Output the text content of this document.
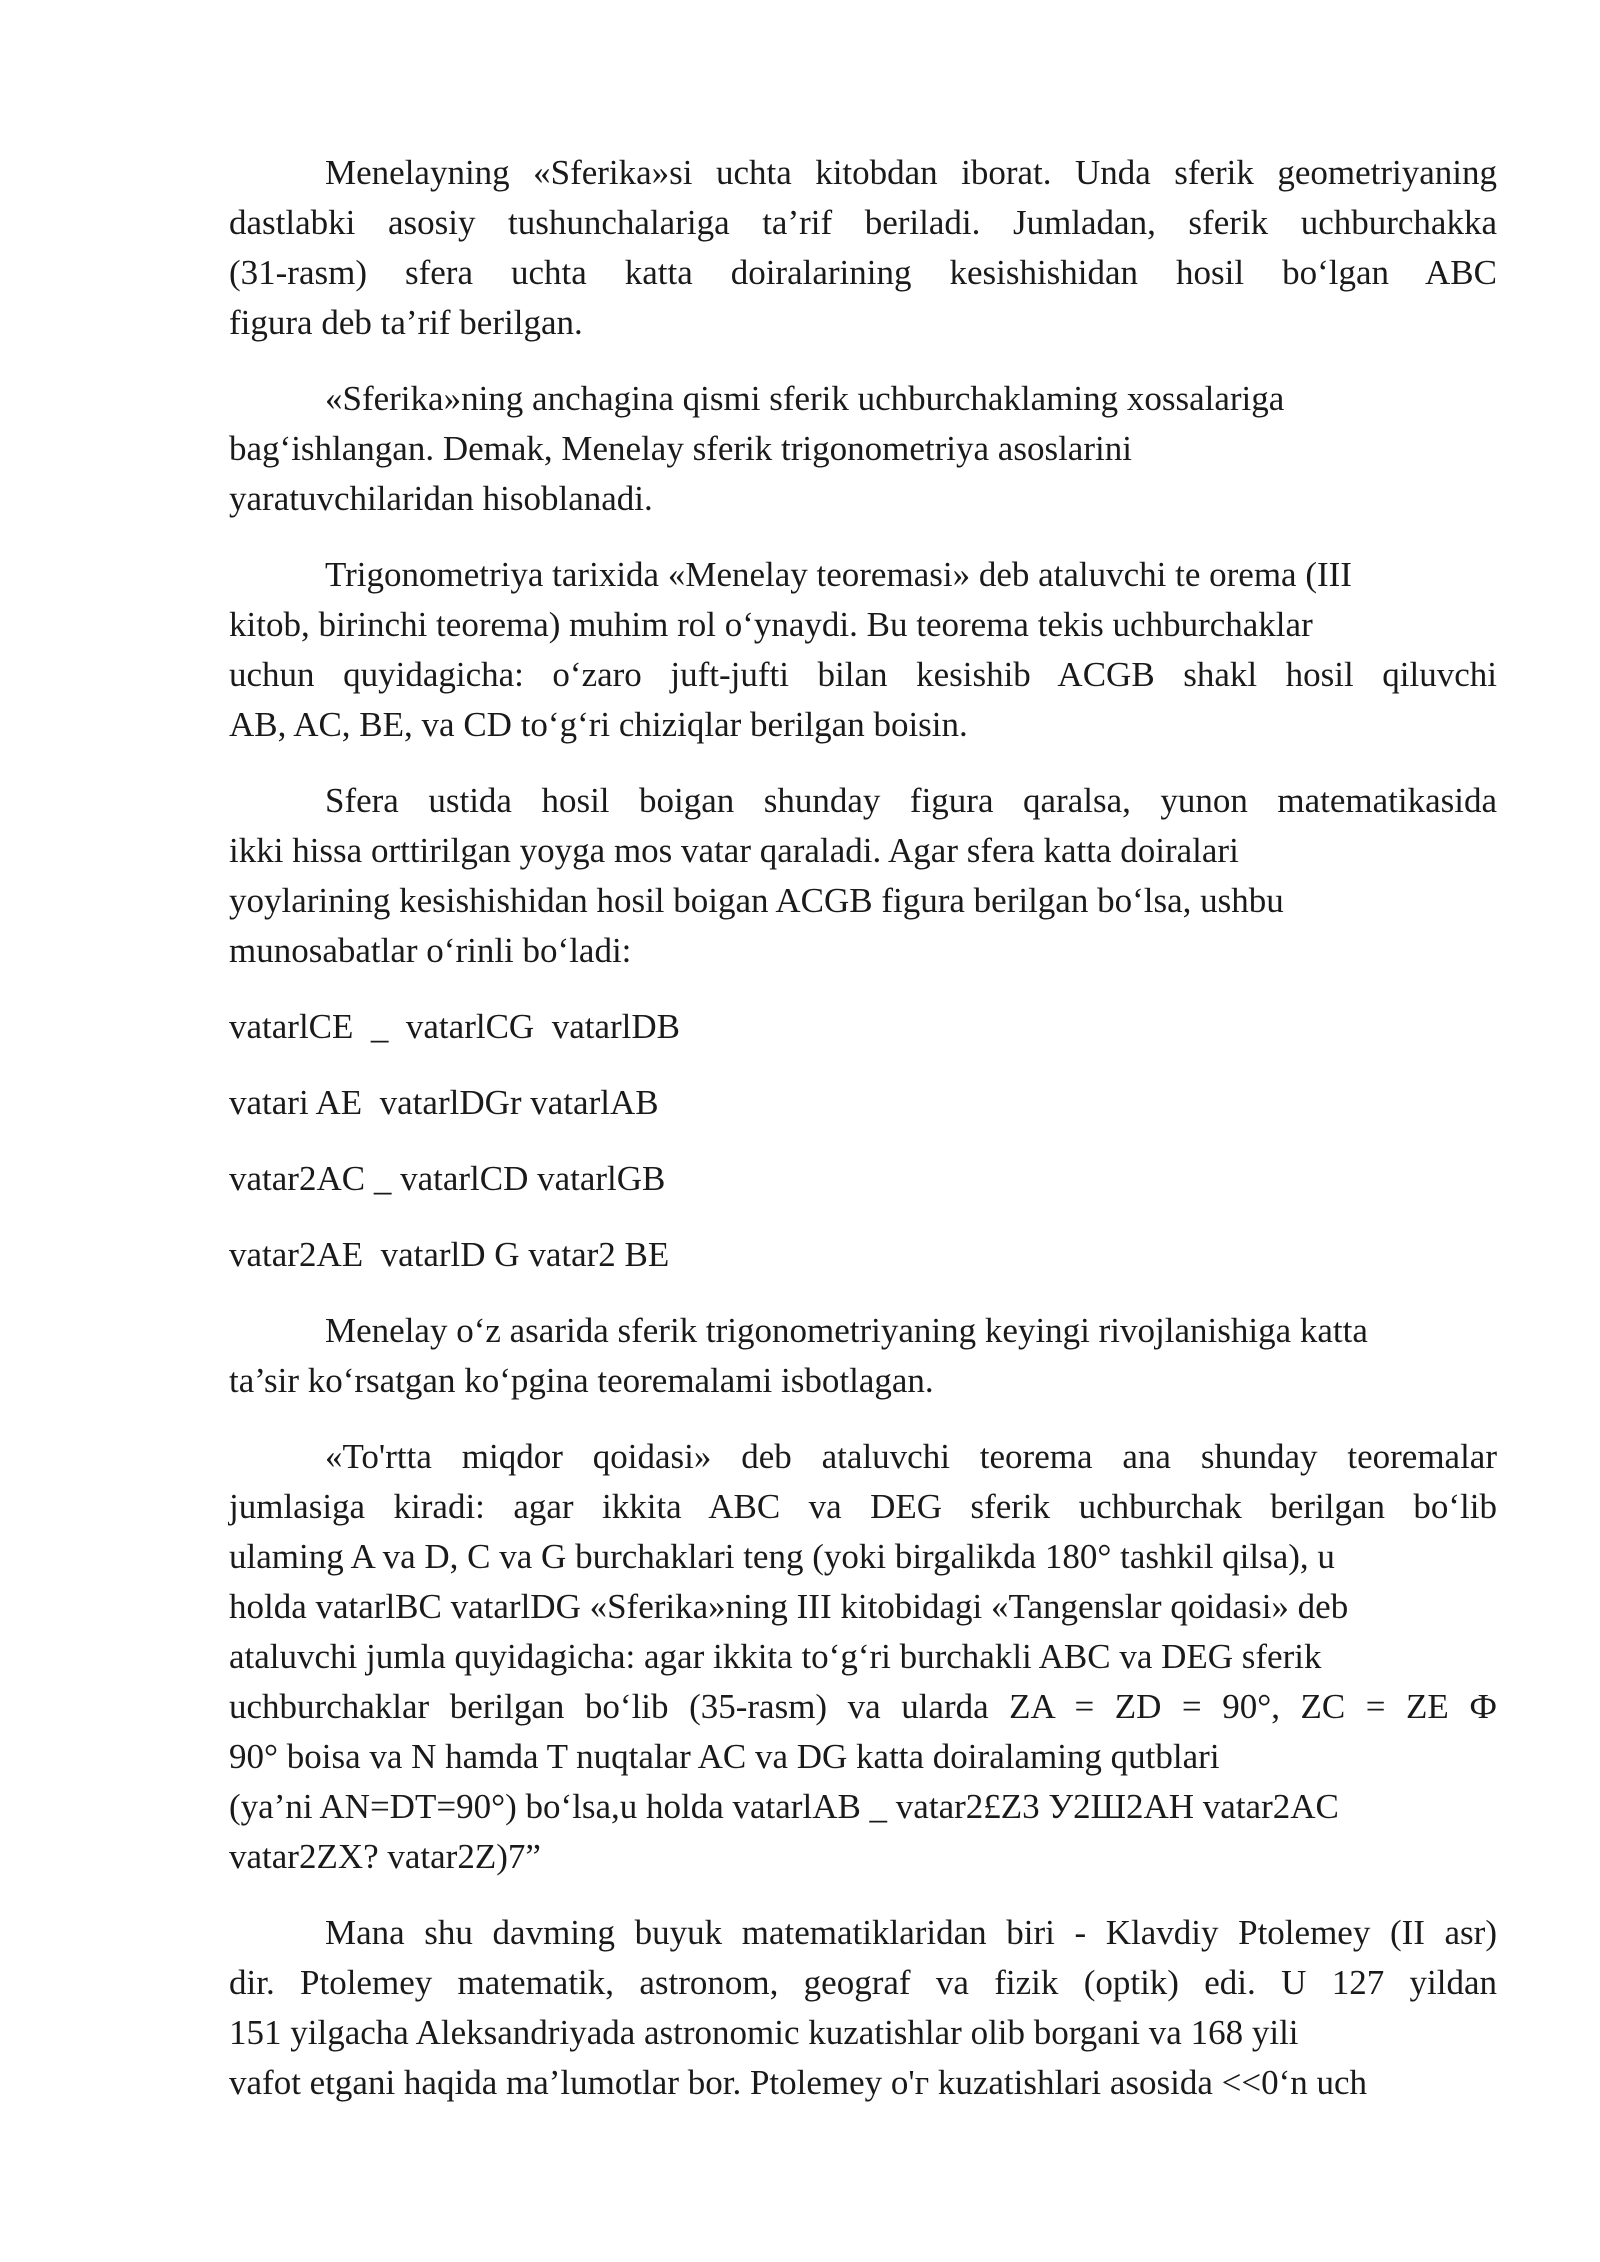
Menelayning «Sferika»si uchta kitobdan iborat. Unda sferik geometriyaning
dastlabki asosiy tushunchalariga ta’rif beriladi. Jumladan, sferik uchburchakka
(31-rasm) sfera uchta katta doiralarining kesishishidan hosil bo‘lgan ABC
figura deb ta’rif berilgan.
«Sferika»ning anchagina qismi sferik uchburchaklaming xossalariga
bag‘ishlangan. Demak, Menelay sferik trigonometriya asoslarini
yaratuvchilaridan hisoblanadi.
Trigonometriya tarixida «Menelay teoremasi» deb ataluvchi te orema (III
kitob, birinchi teorema) muhim rol o‘ynaydi. Bu teorema tekis uchburchaklar
uchun quyidagicha: o‘zaro juft-jufti bilan kesishib ACGB shakl hosil qiluvchi
AB, AC, BE, va CD to‘g‘ri chiziqlar berilgan boisin.
Sfera ustida hosil boigan shunday figura qaralsa, yunon matematikasida
ikki hissa orttirilgan yoyga mos vatar qaraladi. Agar sfera katta doiralari
yoylarining kesishishidan hosil boigan ACGB figura berilgan bo‘lsa, ushbu
munosabatlar o‘rinli bo‘ladi:
vatarlCE  _  vatarlCG  vatarlDB
vatari AE  vatarlDGr vatarlAB
vatar2AC _ vatarlCD vatarlGB
vatar2AE  vatarlD G vatar2 BE
Menelay o‘z asarida sferik trigonometriyaning keyingi rivojlanishiga katta
ta’sir ko‘rsatgan ko‘pgina teoremalami isbotlagan.
«To'rtta miqdor qoidasi» deb ataluvchi teorema ana shunday teoremalar
jumlasiga kiradi: agar ikkita ABC va DEG sferik uchburchak berilgan bo‘lib
ulaming A va D, C va G burchaklari teng (yoki birgalikda 180° tashkil qilsa), u
holda vatarlBC vatarlDG «Sferika»ning III kitobidagi «Tangenslar qoidasi» deb
ataluvchi jumla quyidagicha: agar ikkita to‘g‘ri burchakli ABC va DEG sferik
uchburchaklar berilgan bo‘lib (35-rasm) va ularda ZA = ZD = 90°, ZC = ZE Ф
90° boisa va N hamda T nuqtalar AC va DG katta doiralaming qutblari
(ya’ni AN=DT=90°) bo‘lsa,u holda vatarlAB _ vatar2£Z3 У2Ш2АН vatar2AC
vatar2ZX? vatar2Z)7”
Mana shu davming buyuk matematiklaridan biri - Klavdiy Ptolemey (II asr)
dir. Ptolemey matematik, astronom, geograf va fizik (optik) edi. U 127 yildan
151 yilgacha Aleksandriyada astronomic kuzatishlar olib borgani va 168 yili
vafot etgani haqida ma’lumotlar bor. Ptolemey o'г kuzatishlari asosida <<0‘n uch
